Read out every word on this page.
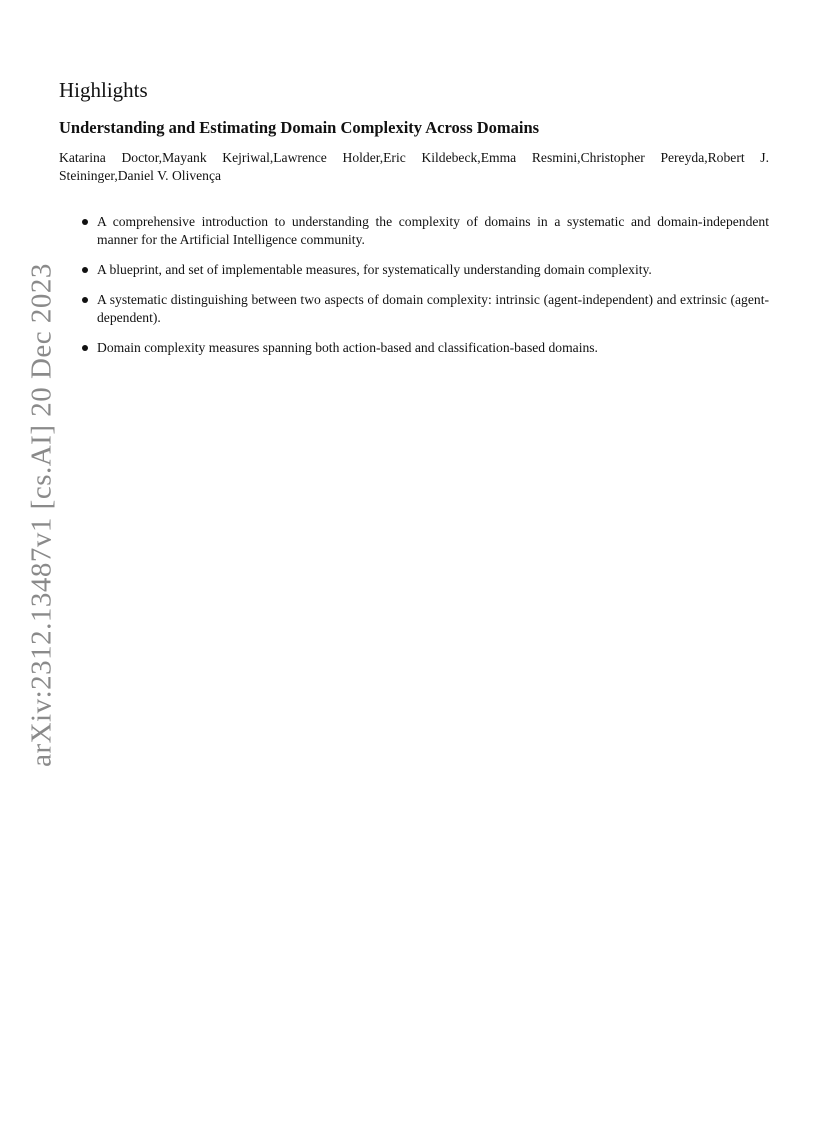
arXiv:2312.13487v1 [cs.AI] 20 Dec 2023
Highlights
Understanding and Estimating Domain Complexity Across Domains
Katarina Doctor,Mayank Kejriwal,Lawrence Holder,Eric Kildebeck,Emma Resmini,Christopher Pereyda,Robert J. Steininger,Daniel V. Olivença
A comprehensive introduction to understanding the complexity of domains in a systematic and domain-independent manner for the Artificial Intelligence community.
A blueprint, and set of implementable measures, for systematically understanding domain complexity.
A systematic distinguishing between two aspects of domain complexity: intrinsic (agent-independent) and extrinsic (agent-dependent).
Domain complexity measures spanning both action-based and classification-based domains.
